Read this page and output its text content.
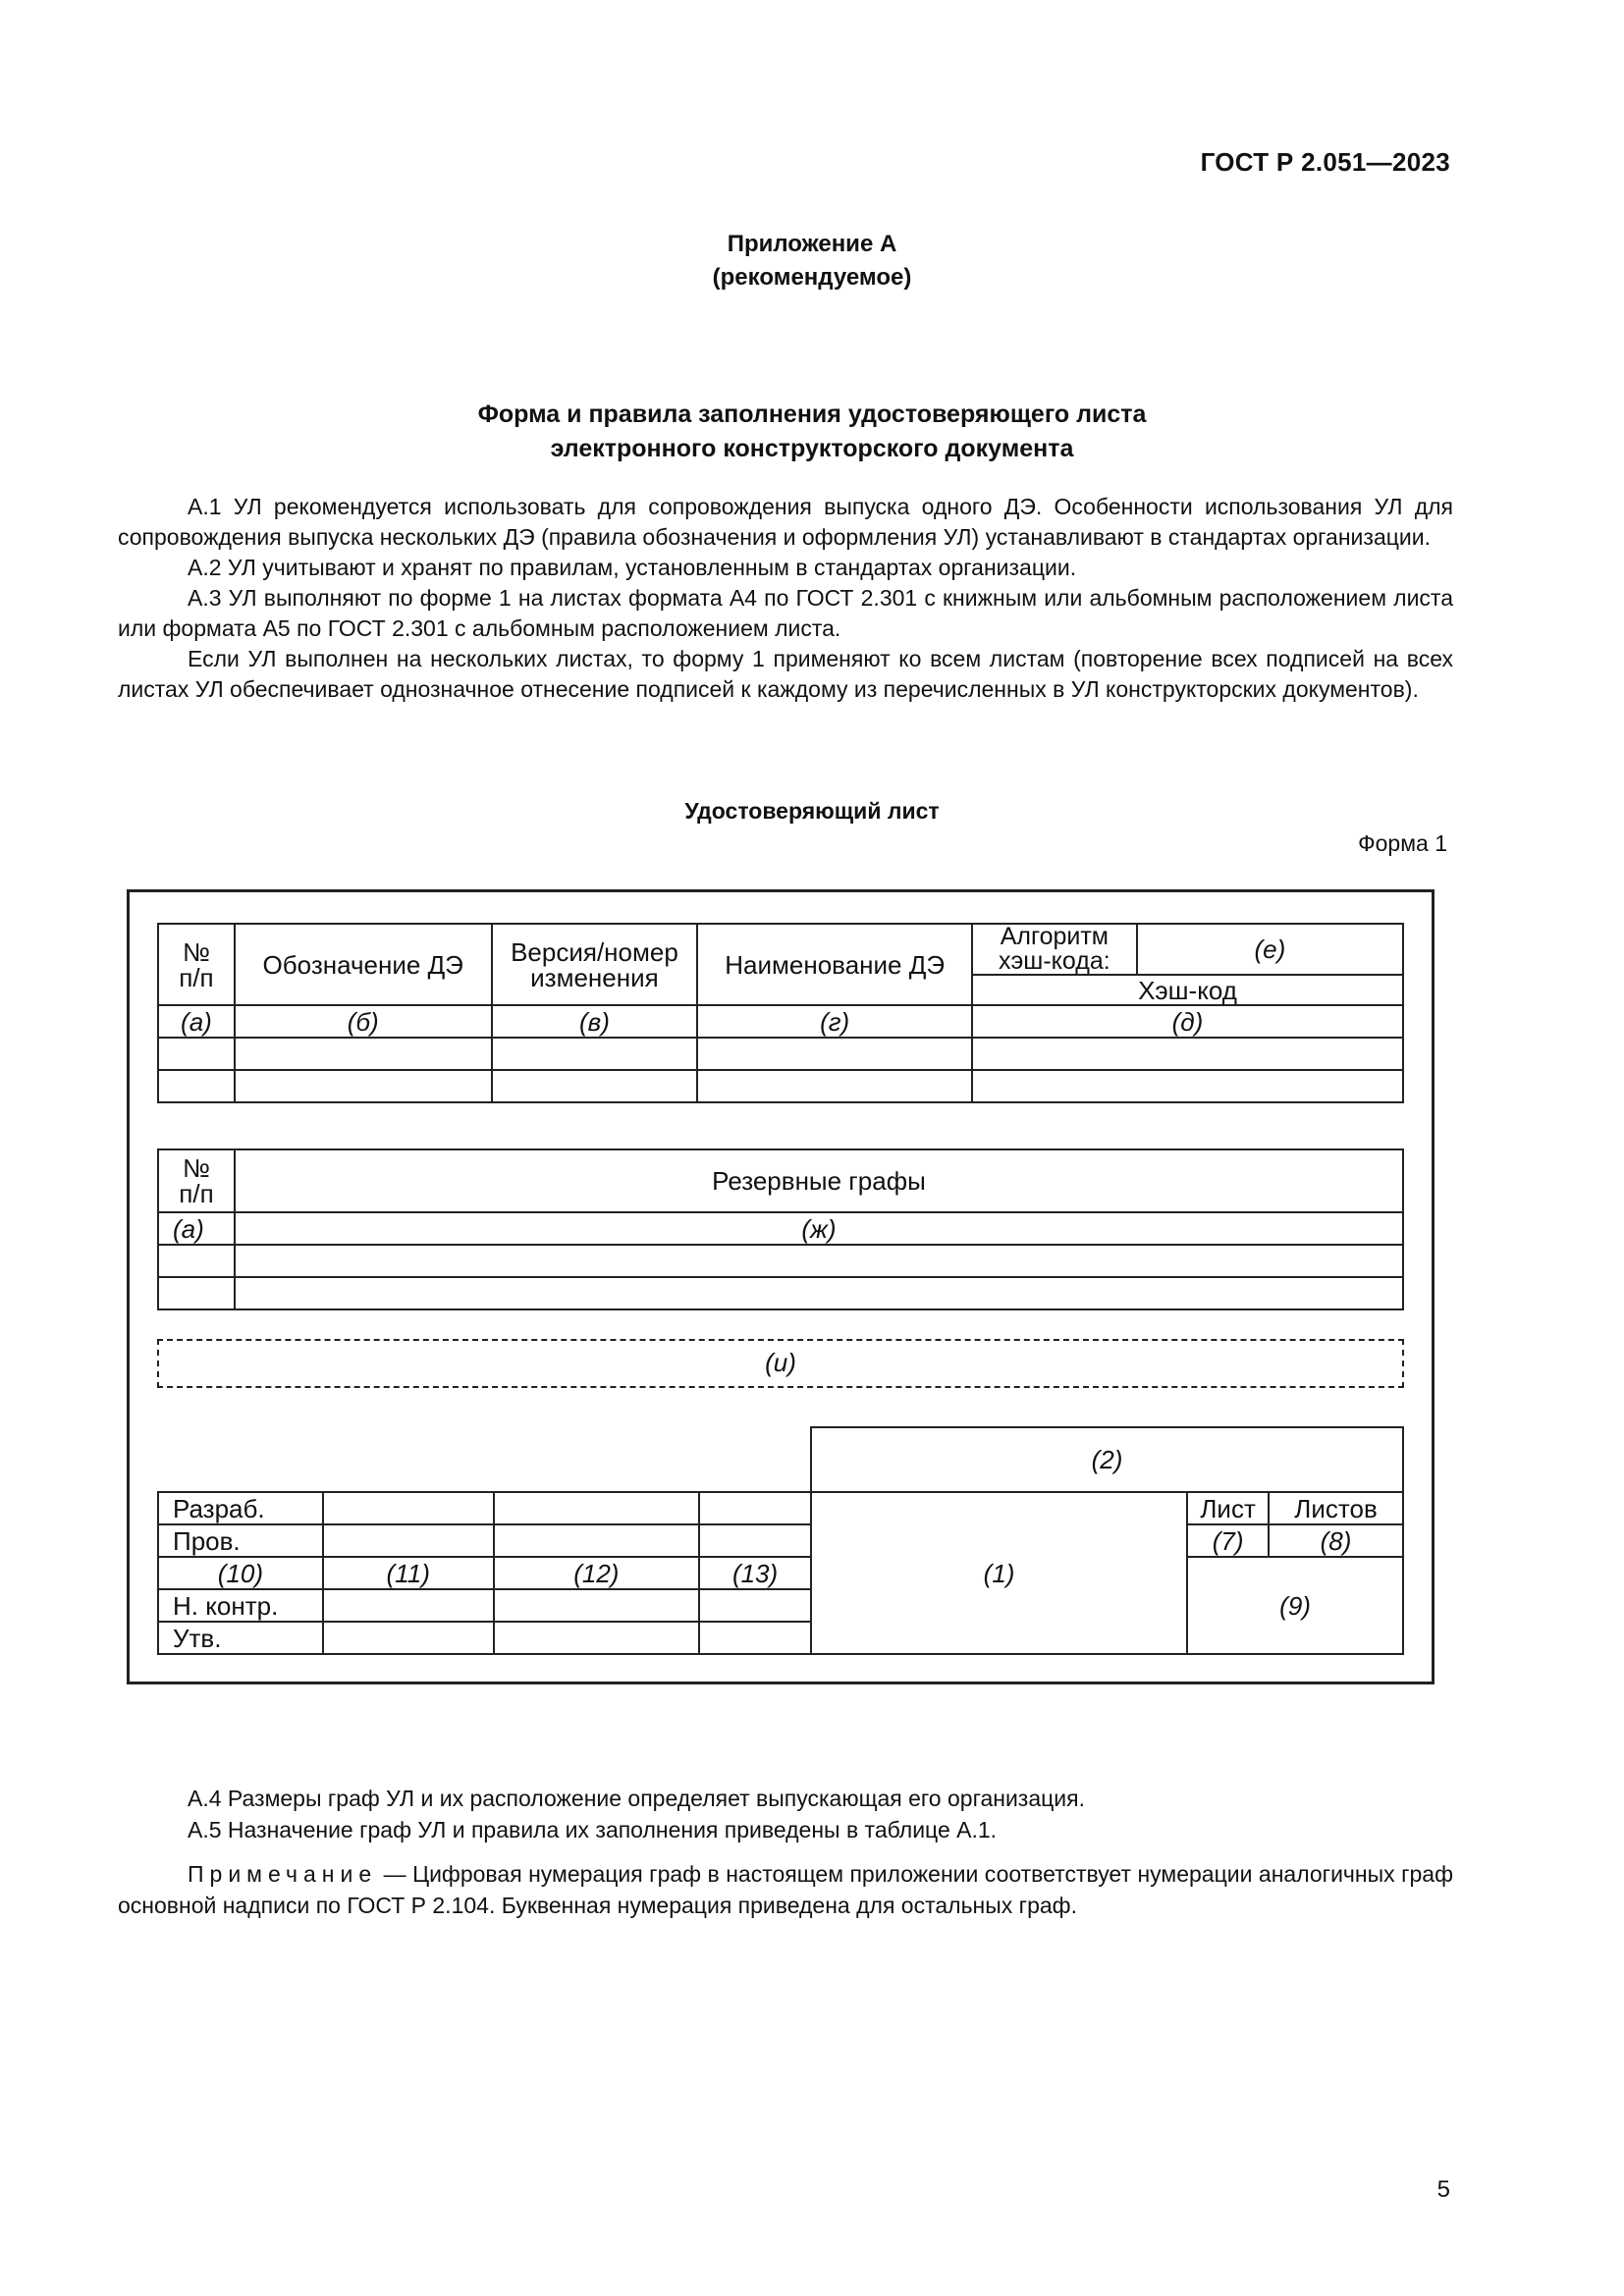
ГОСТ Р 2.051—2023
Приложение А
(рекомендуемое)
Форма и правила заполнения удостоверяющего листа
электронного конструкторского документа

А.1 УЛ рекомендуется использовать для сопровождения выпуска одного ДЭ. Особенности использования УЛ для сопровождения выпуска нескольких ДЭ (правила обозначения и оформления УЛ) устанавливают в стандартах организации.

А.2 УЛ учитывают и хранят по правилам, установленным в стандартах организации.

А.3 УЛ выполняют по форме 1 на листах формата А4 по ГОСТ 2.301 с книжным или альбомным расположением листа или формата А5 по ГОСТ 2.301 с альбомным расположением листа.

Если УЛ выполнен на нескольких листах, то форму 1 применяют ко всем листам (повторение всех подписей на всех листах УЛ обеспечивает однозначное отнесение подписей к каждому из перечисленных в УЛ конструкторских документов).

Удостоверяющий лист
Форма 1
№ п/п	Обозначение ДЭ	Версия/номер изменения	Наименование ДЭ	Алгоритм хэш-кода:	(е)
				Хэш-код	
(а)	(б)	(в)	(г)	(д)	

№ п/п	Резервные графы
(а)	(ж)

(и)
				(2)		
Разраб.				(1)	Лист	Листов
Пров.					(7)	(8)
(10)	(11)	(12)	(13)		(9)	
Н. контр.						
Утв.						

А.4 Размеры граф УЛ и их расположение определяет выпускающая его организация.

А.5 Назначение граф УЛ и правила их заполнения приведены в таблице А.1.

Примечание — Цифровая нумерация граф в настоящем приложении соответствует нумерации аналогичных граф основной надписи по ГОСТ Р 2.104. Буквенная нумерация приведена для остальных граф.

5
